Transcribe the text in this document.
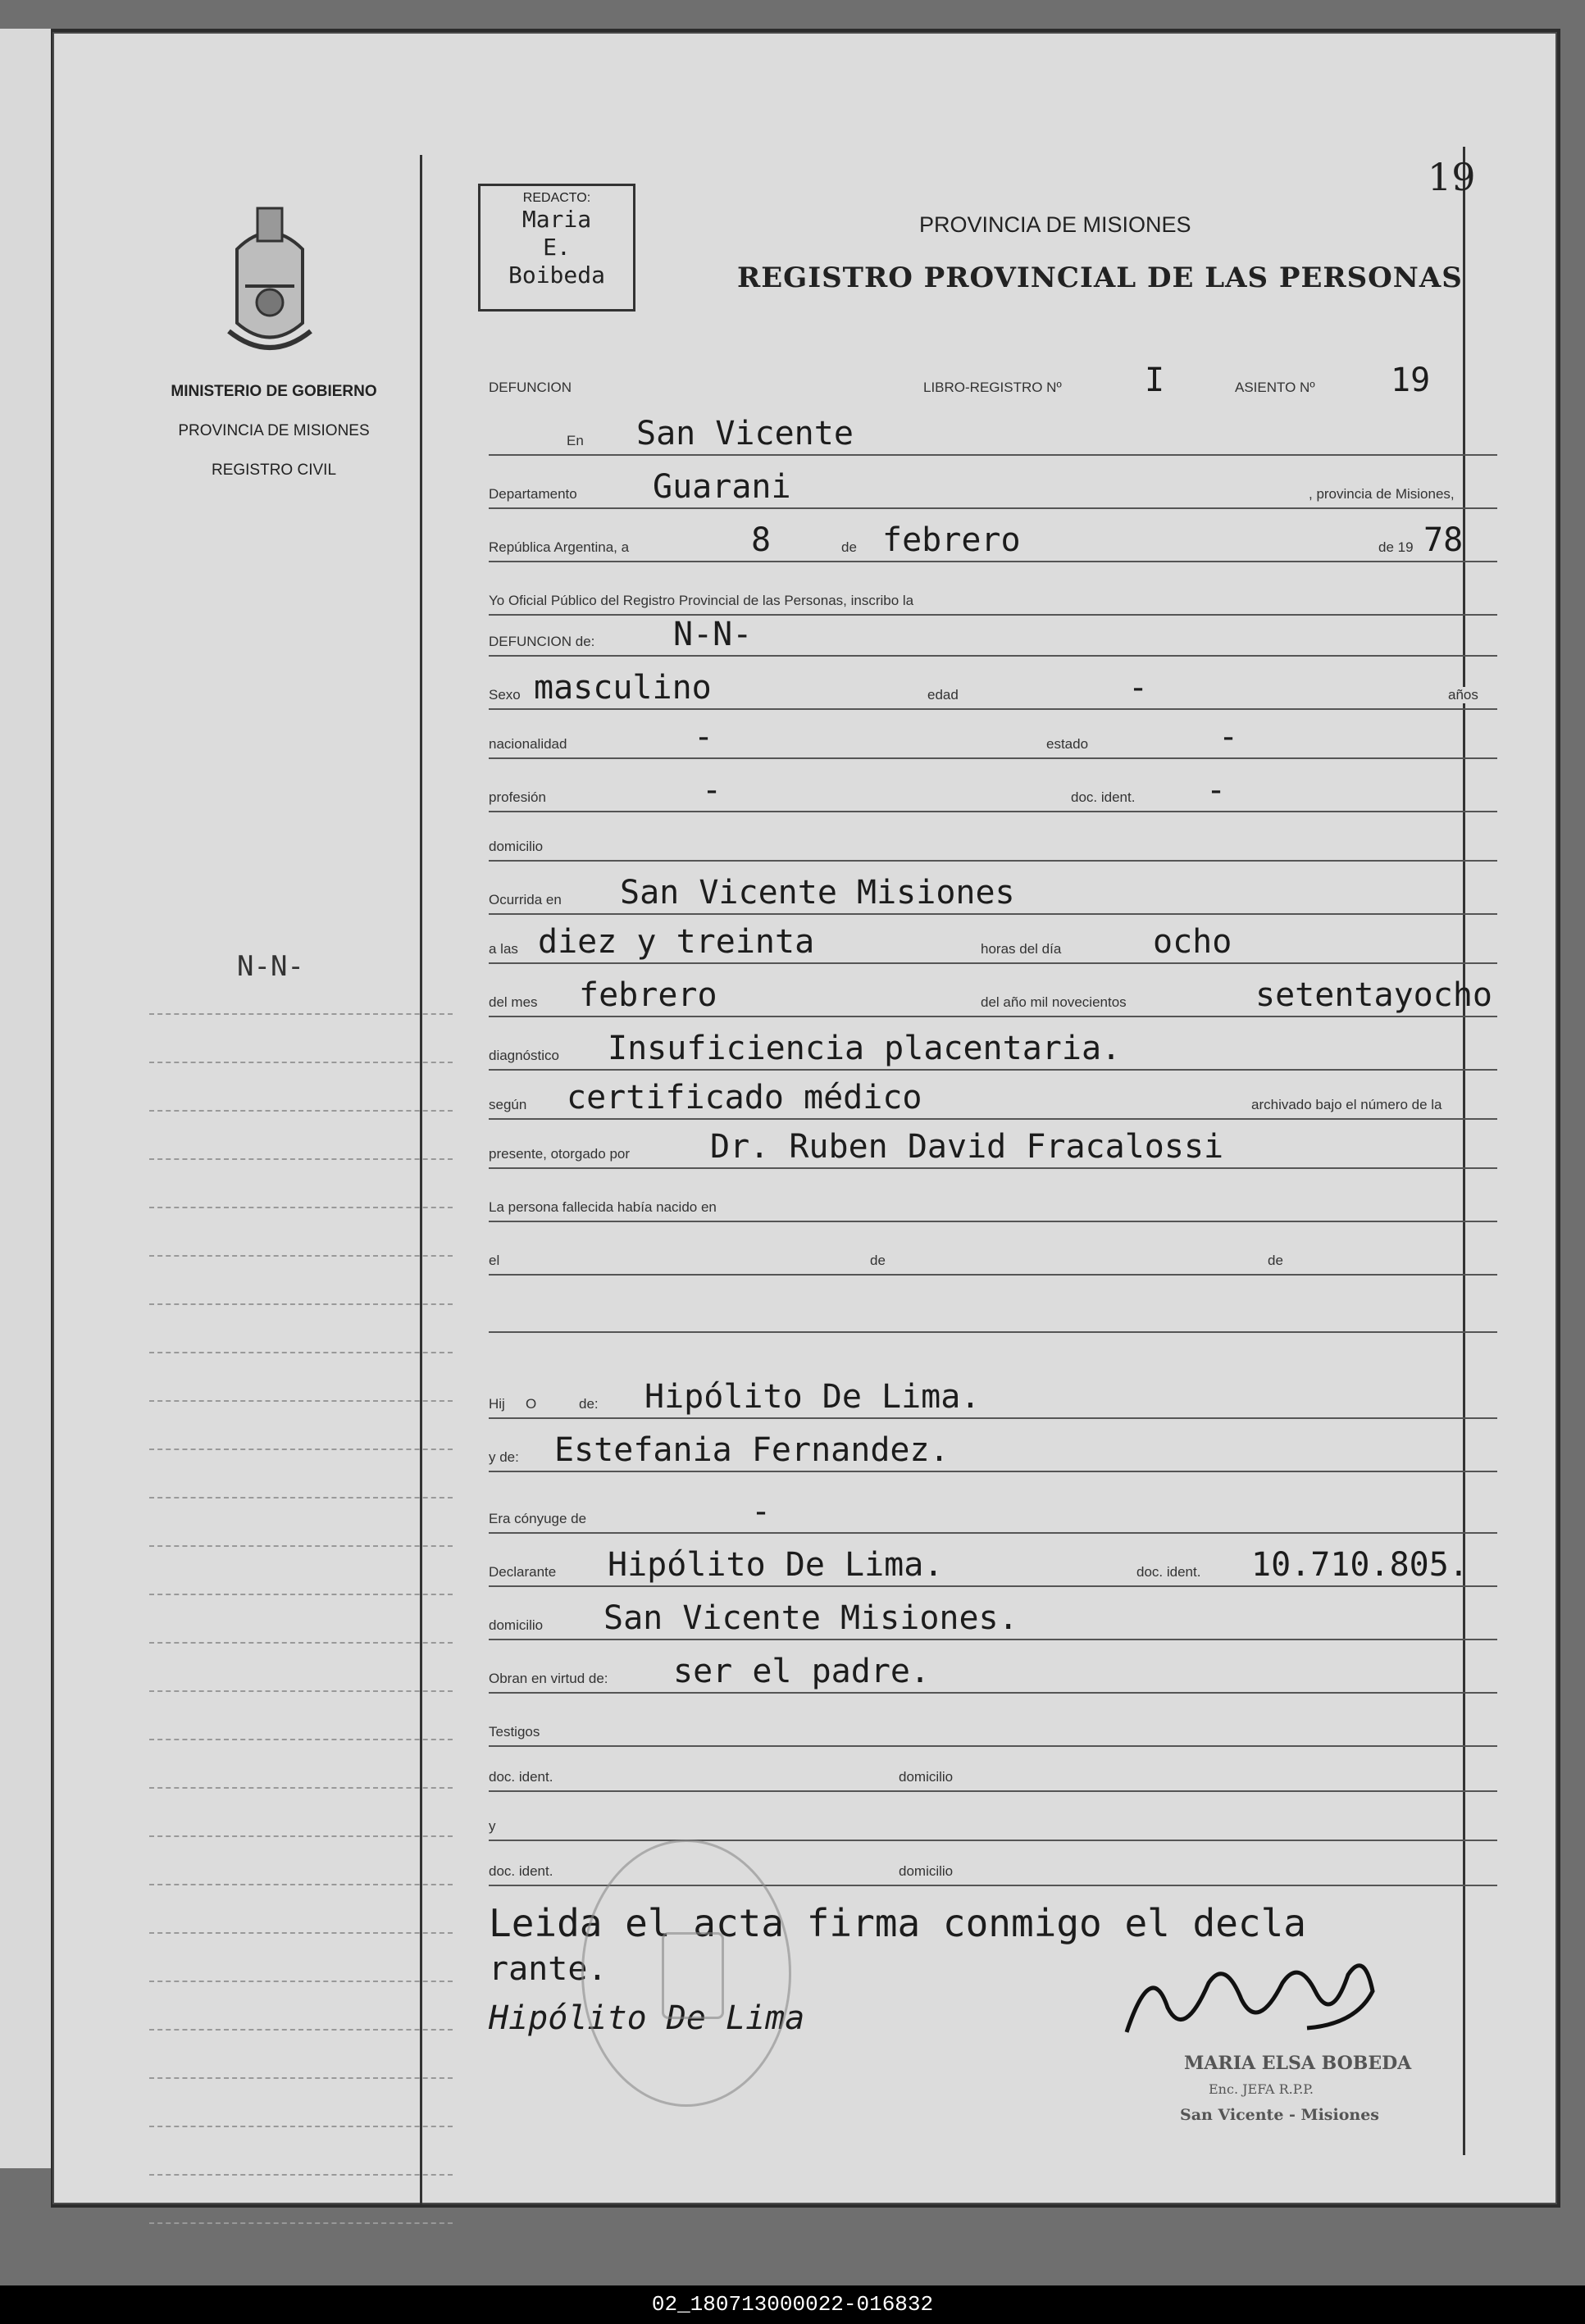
MINISTERIO DE GOBIERNO
PROVINCIA DE MISIONES
REGISTRO CIVIL
N-N-
REDACTO:
Maria
E.
Boibeda
19
PROVINCIA DE MISIONES
REGISTRO PROVINCIAL DE LAS PERSONAS
DEFUNCION	LIBRO-REGISTRO Nº	I	ASIENTO Nº 19
En San Vicente
Departamento Guarani	, provincia de Misiones,
República Argentina, a	8	de febrero	de 19 78
Yo Oficial Público del Registro Provincial de las Personas, inscribo la
DEFUNCION de: N-N-
Sexo masculino	edad	-	años
nacionalidad	-	estado	-
profesión	-	doc. ident. -
domicilio
Ocurrida en San Vicente Misiones
a las diez y treinta	horas del día	ocho
del mes febrero	del año mil novecientos	setentayocho
diagnóstico Insuficiencia placentaria.
según certificado médico	archivado bajo el número de la
presente, otorgado por Dr. Ruben David Fracalossi
La persona fallecida había nacido en
el	de	de
Hij O	de: Hipólito De Lima.
y de: Estefania Fernandez.
Era cónyuge de	-
Declarante Hipólito De Lima.	doc. ident. 10.710.805.
domicilio San Vicente Misiones.
Obran en virtud de: ser el padre.
Testigos
doc. ident.	domicilio
y
doc. ident.	domicilio
Leida el acta firma conmigo el decla
rante.
Hipólito De Lima
MARIA ELSA BOBEDA
Enc. JEFA R.P.P.
San Vicente - Misiones
02_180713000022-016832
